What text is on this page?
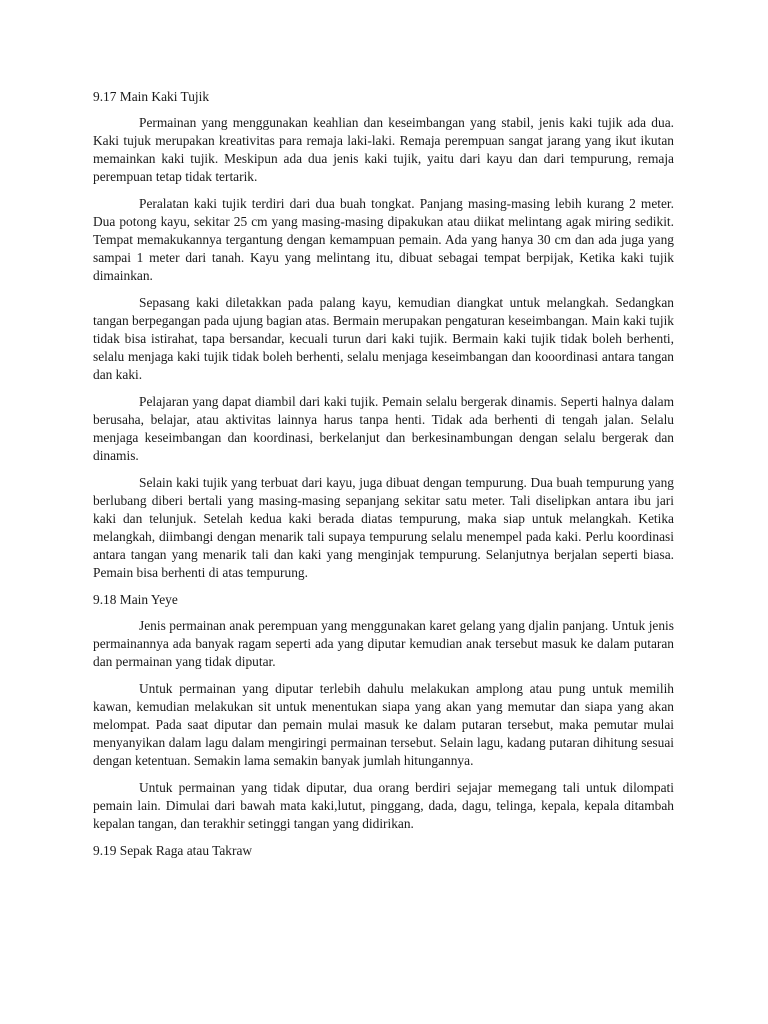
9.17 Main Kaki Tujik

Permainan yang menggunakan keahlian dan keseimbangan yang stabil, jenis kaki tujik ada dua. Kaki tujuk merupakan kreativitas para remaja laki-laki. Remaja perempuan sangat jarang yang ikut ikutan memainkan kaki tujik. Meskipun ada dua jenis kaki tujik, yaitu dari kayu dan dari tempurung, remaja perempuan tetap tidak tertarik.

Peralatan kaki tujik terdiri dari dua buah tongkat. Panjang masing-masing lebih kurang 2 meter. Dua potong kayu, sekitar 25 cm yang masing-masing dipakukan atau diikat melintang agak miring sedikit. Tempat memakukannya tergantung dengan kemampuan pemain. Ada yang hanya 30 cm dan ada juga yang sampai 1 meter dari tanah. Kayu yang melintang itu, dibuat sebagai tempat berpijak, Ketika kaki tujik dimainkan.

Sepasang kaki diletakkan pada palang kayu, kemudian diangkat untuk melangkah. Sedangkan tangan berpegangan pada ujung bagian atas. Bermain merupakan pengaturan keseimbangan. Main kaki tujik tidak bisa istirahat, tapa bersandar, kecuali turun dari kaki tujik. Bermain kaki tujik tidak boleh berhenti, selalu menjaga kaki tujik tidak boleh berhenti, selalu menjaga keseimbangan dan kooordinasi antara tangan dan kaki.

Pelajaran yang dapat diambil dari kaki tujik. Pemain selalu bergerak dinamis. Seperti halnya dalam berusaha, belajar, atau aktivitas lainnya harus tanpa henti. Tidak ada berhenti di tengah jalan. Selalu menjaga keseimbangan dan koordinasi, berkelanjut dan berkesinambungan dengan selalu bergerak dan dinamis.

Selain kaki tujik yang terbuat dari kayu, juga dibuat dengan tempurung. Dua buah tempurung yang berlubang diberi bertali yang masing-masing sepanjang sekitar satu meter. Tali diselipkan antara ibu jari kaki dan telunjuk. Setelah kedua kaki berada diatas tempurung, maka siap untuk melangkah. Ketika melangkah, diimbangi dengan menarik tali supaya tempurung selalu menempel pada kaki. Perlu koordinasi antara tangan yang menarik tali dan kaki yang menginjak tempurung. Selanjutnya berjalan seperti biasa. Pemain bisa berhenti di atas tempurung.

9.18 Main Yeye

Jenis permainan anak perempuan yang menggunakan karet gelang yang djalin panjang. Untuk jenis permainannya ada banyak ragam seperti ada yang diputar kemudian anak tersebut masuk ke dalam putaran dan permainan yang tidak diputar.

Untuk permainan yang diputar terlebih dahulu melakukan amplong atau pung untuk memilih kawan, kemudian melakukan sit untuk menentukan siapa yang akan yang memutar dan siapa yang akan melompat. Pada saat diputar dan pemain mulai masuk ke dalam putaran tersebut, maka pemutar mulai menyanyikan dalam lagu dalam mengiringi permainan tersebut. Selain lagu, kadang putaran dihitung sesuai dengan ketentuan. Semakin lama semakin banyak jumlah hitungannya.

Untuk permainan yang tidak diputar, dua orang berdiri sejajar memegang tali untuk dilompati pemain lain. Dimulai dari bawah mata kaki,lutut, pinggang, dada, dagu, telinga, kepala, kepala ditambah kepalan tangan, dan terakhir setinggi tangan yang didirikan.

9.19 Sepak Raga atau Takraw
